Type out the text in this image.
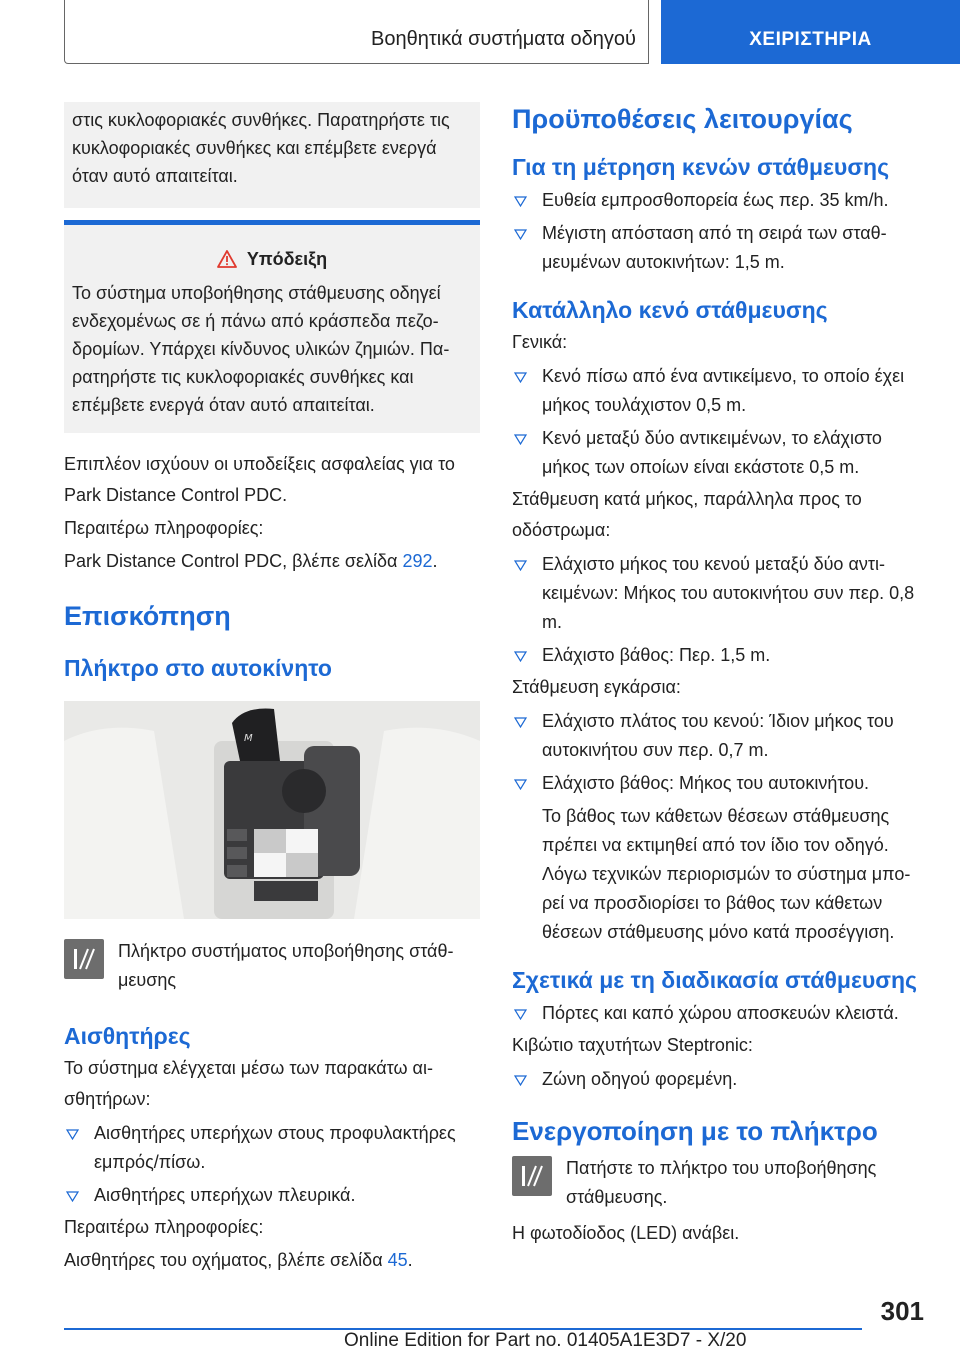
Βοηθητικά συστήματα οδηγού	ΧΕΙΡΙΣΤΗΡΙΑ
στις κυκλοφοριακές συνθήκες. Παρατηρήστε τις κυκλοφοριακές συνθήκες και επέμβετε ενεργά όταν αυτό απαιτείται.
Υπόδειξη
Το σύστημα υποβοήθησης στάθμευσης οδηγεί ενδεχομένως σε ή πάνω από κράσπεδα πεζο-δρομίων. Υπάρχει κίνδυνος υλικών ζημιών. Πα-ρατηρήστε τις κυκλοφοριακές συνθήκες και επέμβετε ενεργά όταν αυτό απαιτείται.

Επιπλέον ισχύουν οι υποδείξεις ασφαλείας για το Park Distance Control PDC.

Περαιτέρω πληροφορίες:

Park Distance Control PDC, βλέπε σελίδα 292.

Επισκόπηση
Πλήκτρο στο αυτοκίνητο
M
Πλήκτρο συστήματος υποβοήθησης στάθ-μευσης
Αισθητήρες

Το σύστημα ελέγχεται μέσω των παρακάτω αι-σθητήρων:

Αισθητήρες υπερήχων στους προφυλακτήρες εμπρός/πίσω.
Αισθητήρες υπερήχων πλευρικά.

Περαιτέρω πληροφορίες:

Αισθητήρες του οχήματος, βλέπε σελίδα 45.

Προϋποθέσεις λειτουργίας
Για τη μέτρηση κενών στάθμευσης
Ευθεία εμπροσθοπορεία έως περ. 35 km/h.
Μέγιστη απόσταση από τη σειρά των σταθ-μευμένων αυτοκινήτων: 1,5 m.
Κατάλληλο κενό στάθμευσης

Γενικά:

Κενό πίσω από ένα αντικείμενο, το οποίο έχει μήκος τουλάχιστον 0,5 m.
Κενό μεταξύ δύο αντικειμένων, το ελάχιστο μήκος των οποίων είναι εκάστοτε 0,5 m.

Στάθμευση κατά μήκος, παράλληλα προς το οδόστρωμα:

Ελάχιστο μήκος του κενού μεταξύ δύο αντι-κειμένων: Μήκος του αυτοκινήτου συν περ. 0,8 m.
Ελάχιστο βάθος: Περ. 1,5 m.

Στάθμευση εγκάρσια:

Ελάχιστο πλάτος του κενού: Ίδιον μήκος του αυτοκινήτου συν περ. 0,7 m.
Ελάχιστο βάθος: Μήκος του αυτοκινήτου.

Το βάθος των κάθετων θέσεων στάθμευσης πρέπει να εκτιμηθεί από τον ίδιο τον οδηγό. Λόγω τεχνικών περιορισμών το σύστημα μπο-ρεί να προσδιορίσει το βάθος των κάθετων θέσεων στάθμευσης μόνο κατά προσέγγιση.

Σχετικά με τη διαδικασία στάθμευσης
Πόρτες και καπό χώρου αποσκευών κλειστά.

Κιβώτιο ταχυτήτων Steptronic:

Ζώνη οδηγού φορεμένη.
Ενεργοποίηση με το πλήκτρο
Πατήστε το πλήκτρο του υποβοήθησης στάθμευσης.

Η φωτοδίοδος (LED) ανάβει.

301
Online Edition for Part no. 01405A1E3D7 - X/20
